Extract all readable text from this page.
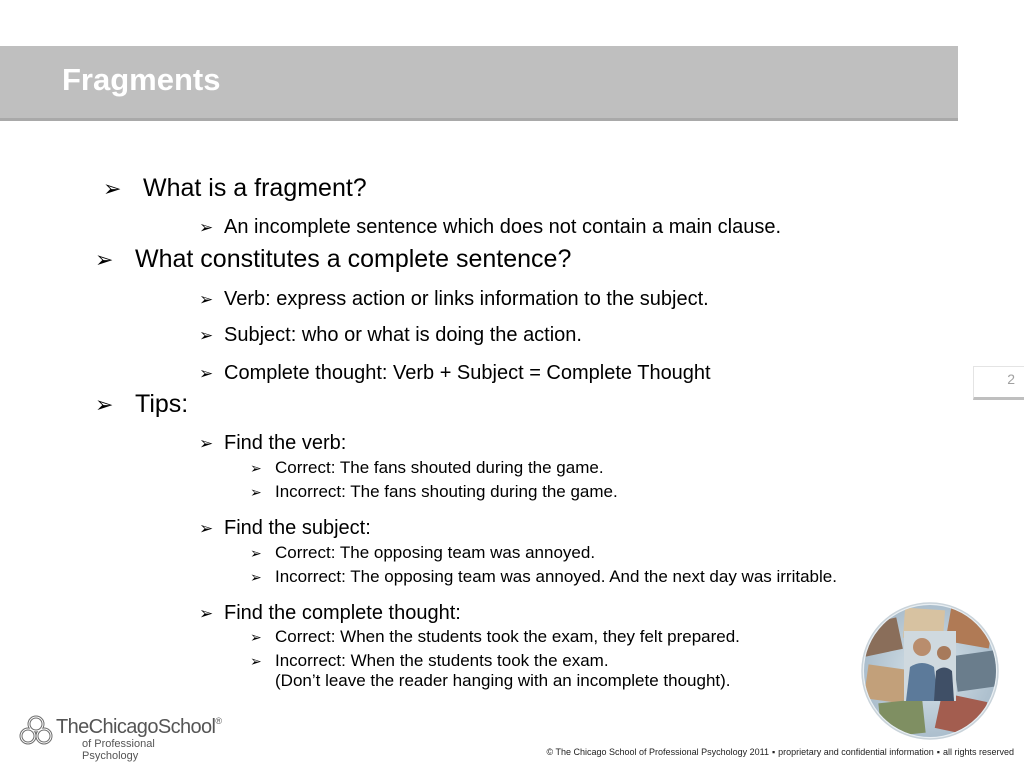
Fragments
2
➢ What is a fragment?
➢ An incomplete sentence which does not contain a main clause.
➢ What constitutes a complete sentence?
➢ Verb: express action or links information to the subject.
➢ Subject: who or what is doing the action.
➢ Complete thought: Verb + Subject = Complete Thought
➢ Tips:
➢ Find the verb:
➢ Correct: The fans shouted during the game.
➢ Incorrect: The fans shouting during the game.
➢ Find the subject:
➢ Correct: The opposing team was annoyed.
➢ Incorrect: The opposing team was annoyed. And the next day was irritable.
➢ Find the complete thought:
➢ Correct: When the students took the exam, they felt prepared.
➢ Incorrect: When the students took the exam.
(Don’t leave the reader hanging with an incomplete thought).
TheChicagoSchool®
of Professional Psychology	© The Chicago School of Professional Psychology 2011 ▪ proprietary and confidential information ▪ all rights reserved
